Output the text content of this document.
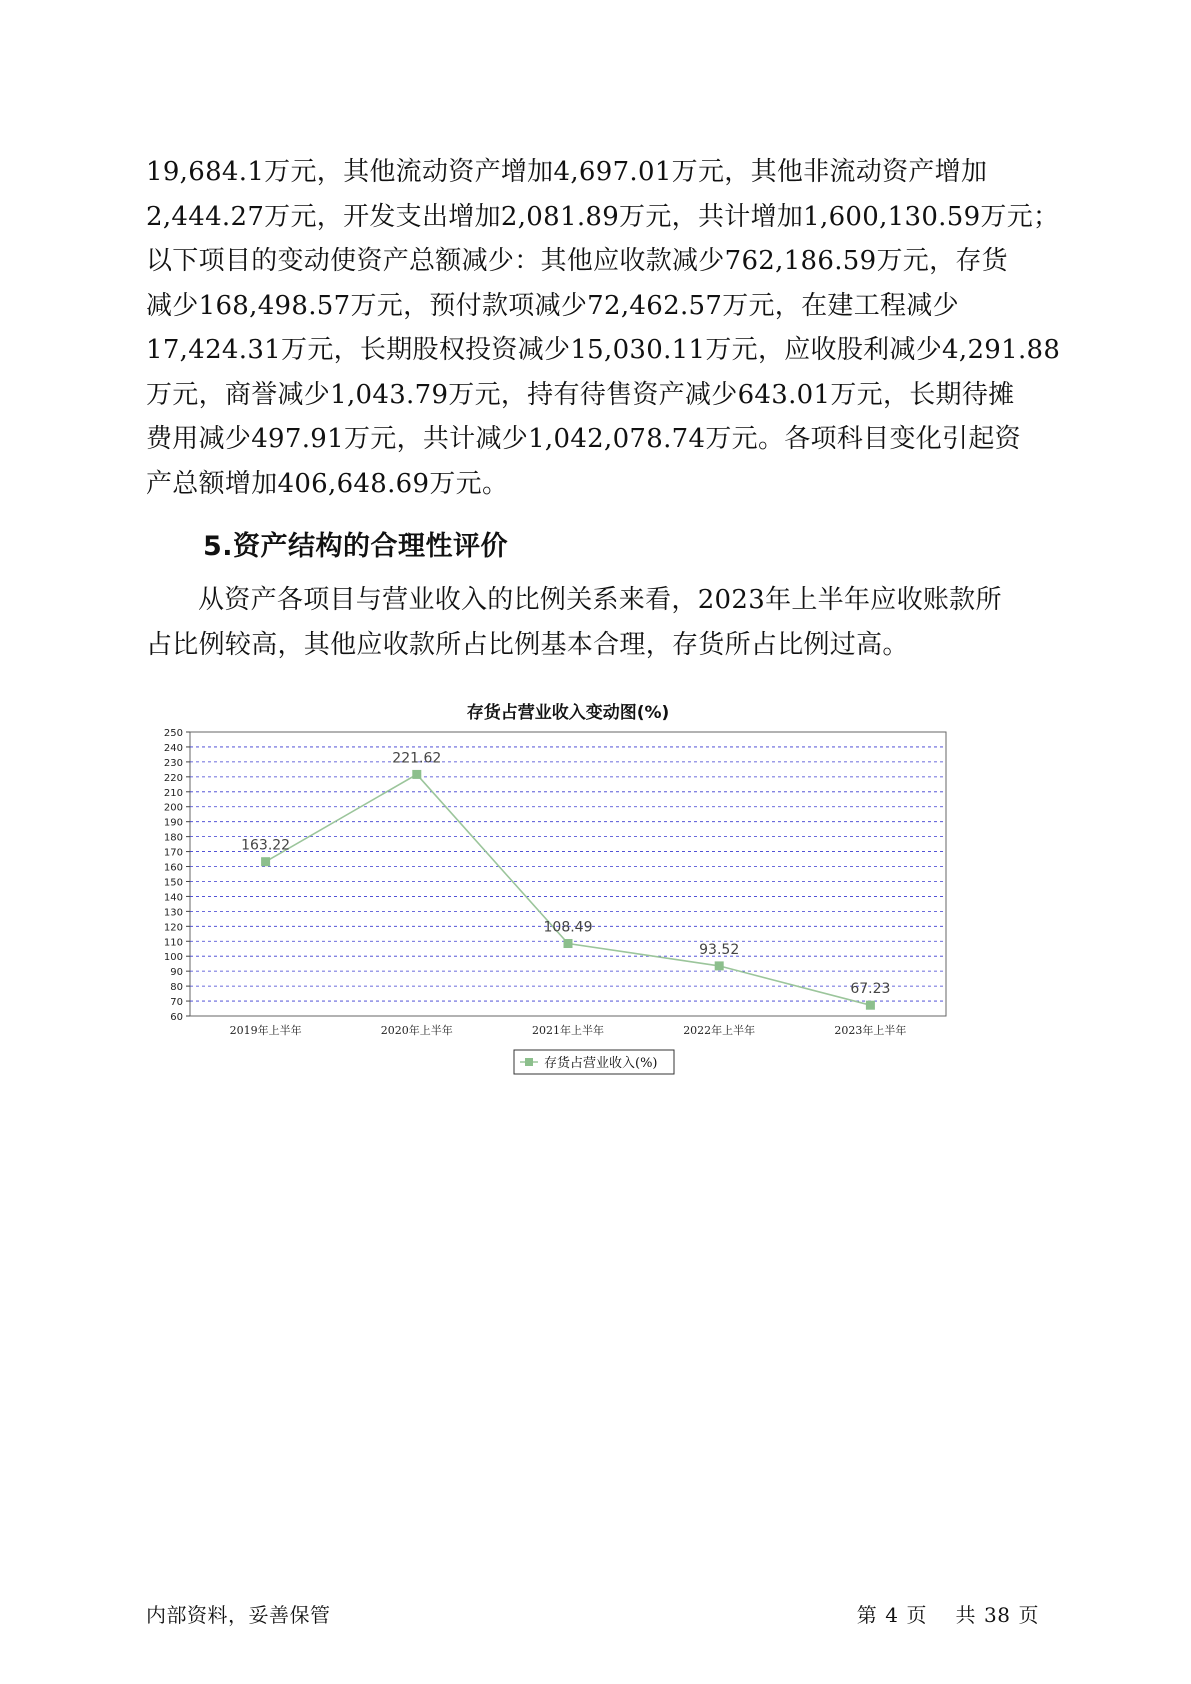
19,684.1万元，其他流动资产增加4,697.01万元，其他非流动资产增加
2,444.27万元，开发支出增加2,081.89万元，共计增加1,600,130.59万元；
以下项目的变动使资产总额减少：其他应收款减少762,186.59万元，存货
减少168,498.57万元，预付款项减少72,462.57万元，在建工程减少
17,424.31万元，长期股权投资减少15,030.11万元，应收股利减少4,291.88
万元，商誉减少1,043.79万元，持有待售资产减少643.01万元，长期待摊
费用减少497.91万元，共计减少1,042,078.74万元。各项科目变化引起资
产总额增加406,648.69万元。
5.资产结构的合理性评价
从资产各项目与营业收入的比例关系来看，2023年上半年应收账款所
占比例较高，其他应收款所占比例基本合理，存货所占比例过高。
存货占营业收入变动图(%)
60
70
80
90
100
110
120
130
140
150
160
170
180
190
200
210
220
230
240
250
2019年上半年	2020年上半年	2021年上半年	2022年上半年	2023年上半年
163.22
221.62
108.49
93.52
67.23
存货占营业收入(%)
内部资料，妥善保管	第 4 页 共 38 页
